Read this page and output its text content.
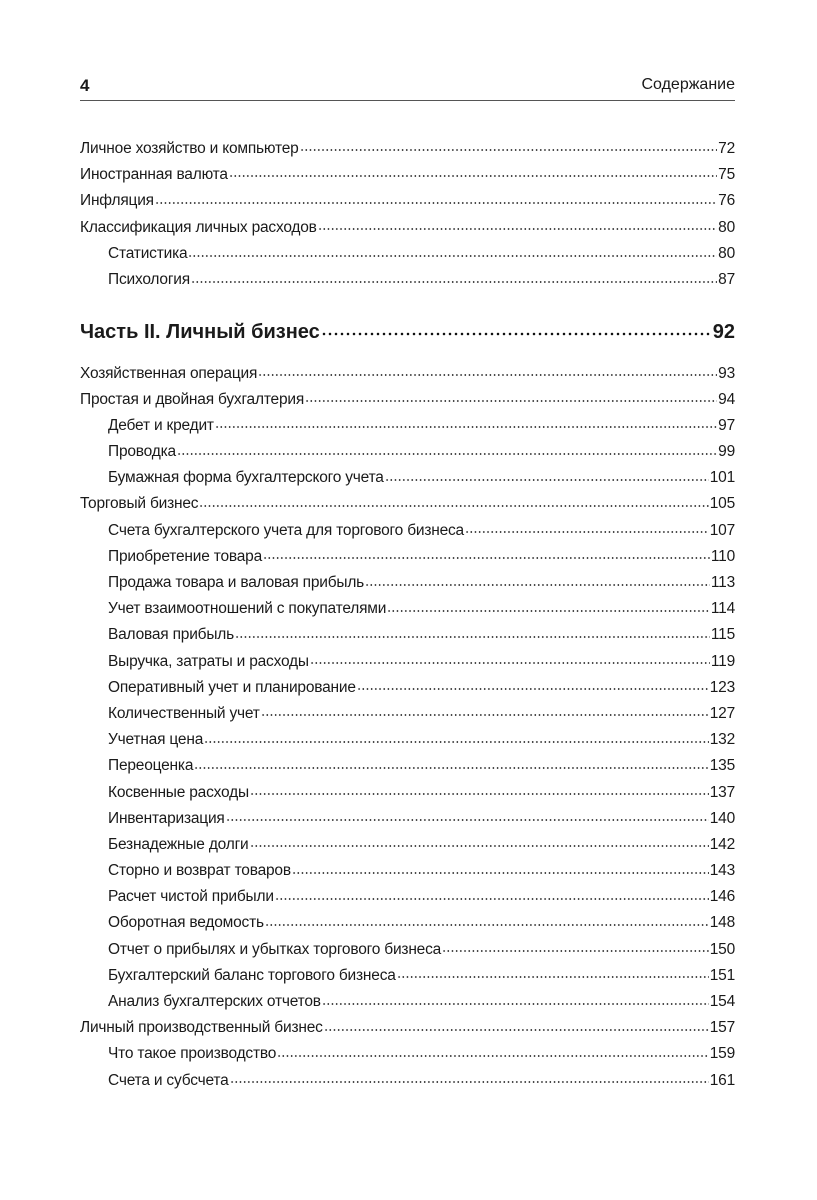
4	Содержание
Личное хозяйство и компьютер	72
Иностранная валюта	75
Инфляция	76
Классификация личных расходов	80
Статистика	80
Психология	87
Часть II. Личный бизнес	92
Хозяйственная операция	93
Простая и двойная бухгалтерия	94
Дебет и кредит	97
Проводка	99
Бумажная форма бухгалтерского учета	101
Торговый бизнес	105
Счета бухгалтерского учета для торгового бизнеса	107
Приобретение товара	110
Продажа товара и валовая прибыль	113
Учет взаимоотношений с покупателями	114
Валовая прибыль	115
Выручка, затраты и расходы	119
Оперативный учет и планирование	123
Количественный учет	127
Учетная цена	132
Переоценка	135
Косвенные расходы	137
Инвентаризация	140
Безнадежные долги	142
Сторно и возврат товаров	143
Расчет чистой прибыли	146
Оборотная ведомость	148
Отчет о прибылях и убытках торгового бизнеса	150
Бухгалтерский баланс торгового бизнеса	151
Анализ бухгалтерских отчетов	154
Личный производственный бизнес	157
Что такое производство	159
Счета и субсчета	161
